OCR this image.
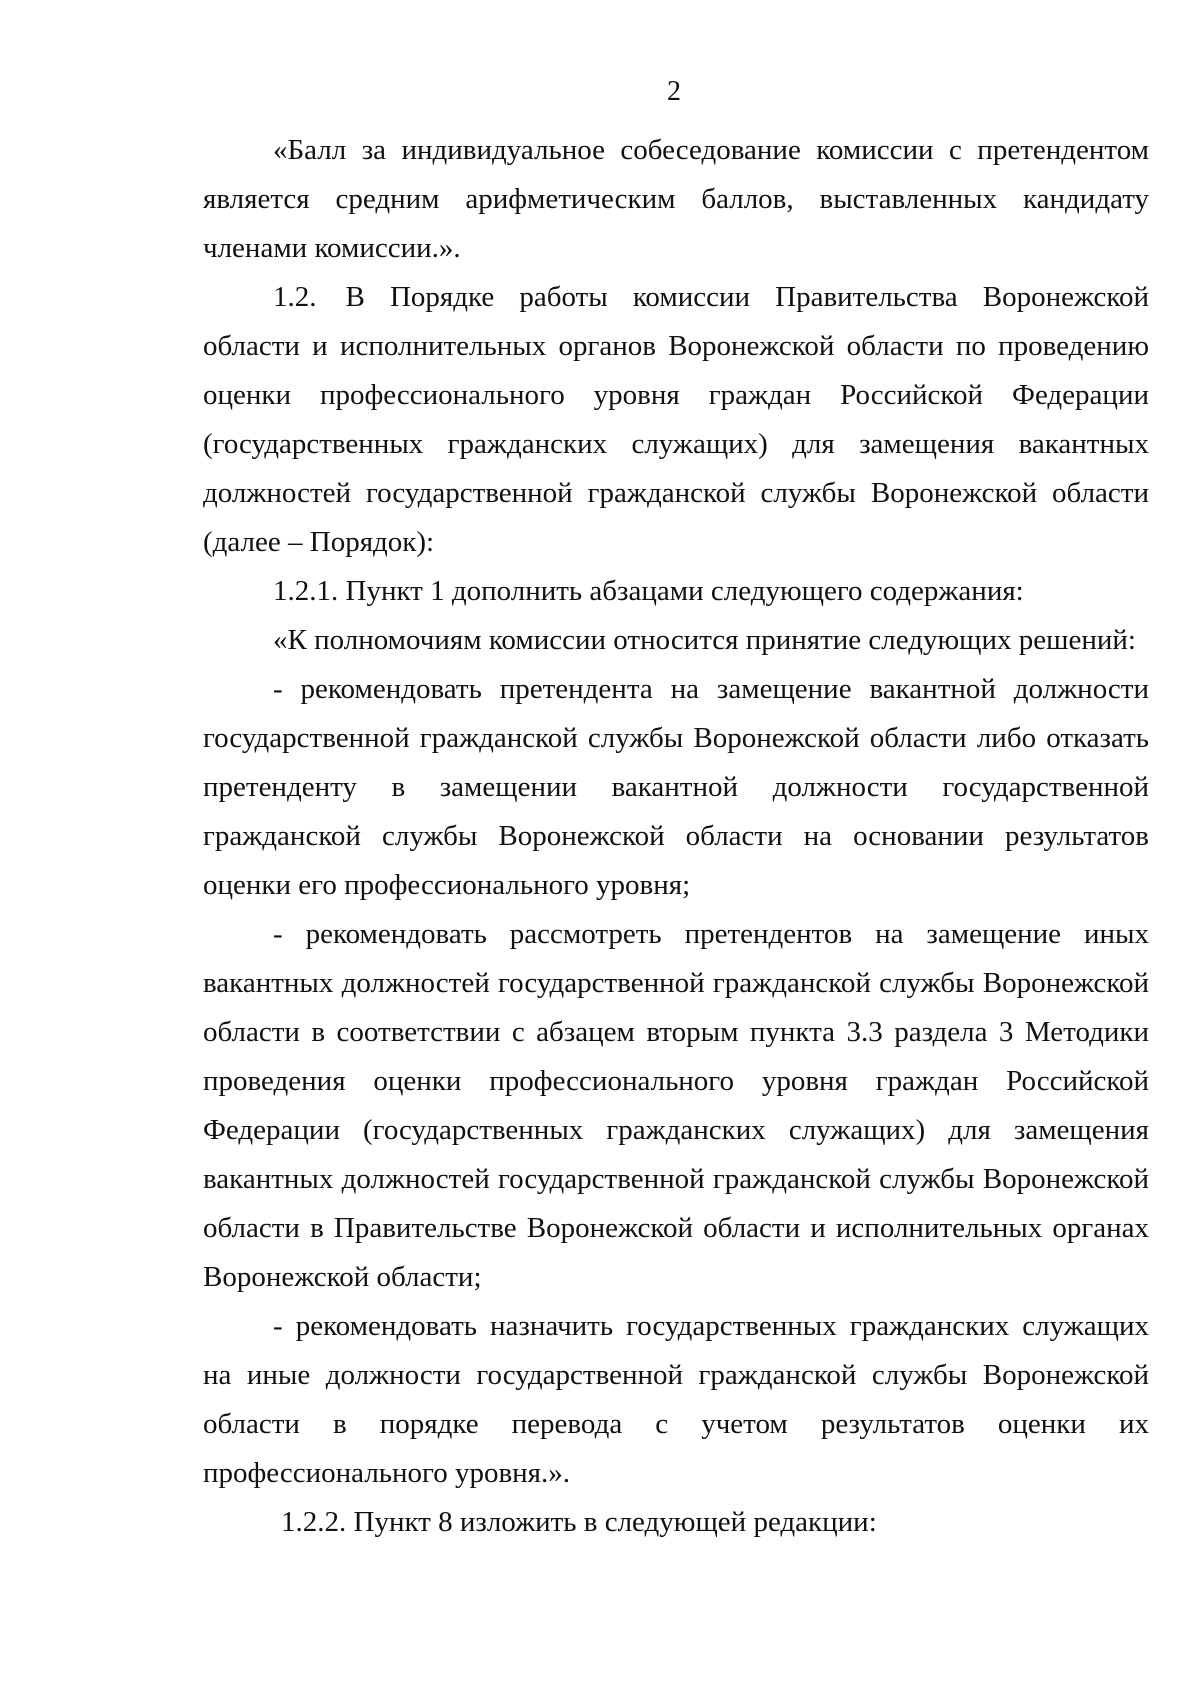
2

«Балл за индивидуальное собеседование комиссии с претендентом является средним арифметическим баллов, выставленных кандидату членами комиссии.».

1.2. В Порядке работы комиссии Правительства Воронежской области и исполнительных органов Воронежской области по проведению оценки профессионального уровня граждан Российской Федерации (государственных гражданских служащих) для замещения вакантных должностей государственной гражданской службы Воронежской области (далее – Порядок):

1.2.1. Пункт 1 дополнить абзацами следующего содержания:

«К полномочиям комиссии относится принятие следующих решений:

- рекомендовать претендента на замещение вакантной должности государственной гражданской службы Воронежской области либо отказать претенденту в замещении вакантной должности государственной гражданской службы Воронежской области на основании результатов оценки его профессионального уровня;

- рекомендовать рассмотреть претендентов на замещение иных вакантных должностей государственной гражданской службы Воронежской области в соответствии с абзацем вторым пункта 3.3 раздела 3 Методики проведения оценки профессионального уровня граждан Российской Федерации (государственных гражданских служащих) для замещения вакантных должностей государственной гражданской службы Воронежской области в Правительстве Воронежской области и исполнительных органах Воронежской области;

- рекомендовать назначить государственных гражданских служащих на иные должности государственной гражданской службы Воронежской области в порядке перевода с учетом результатов оценки их профессионального уровня.».

1.2.2. Пункт 8 изложить в следующей редакции:
